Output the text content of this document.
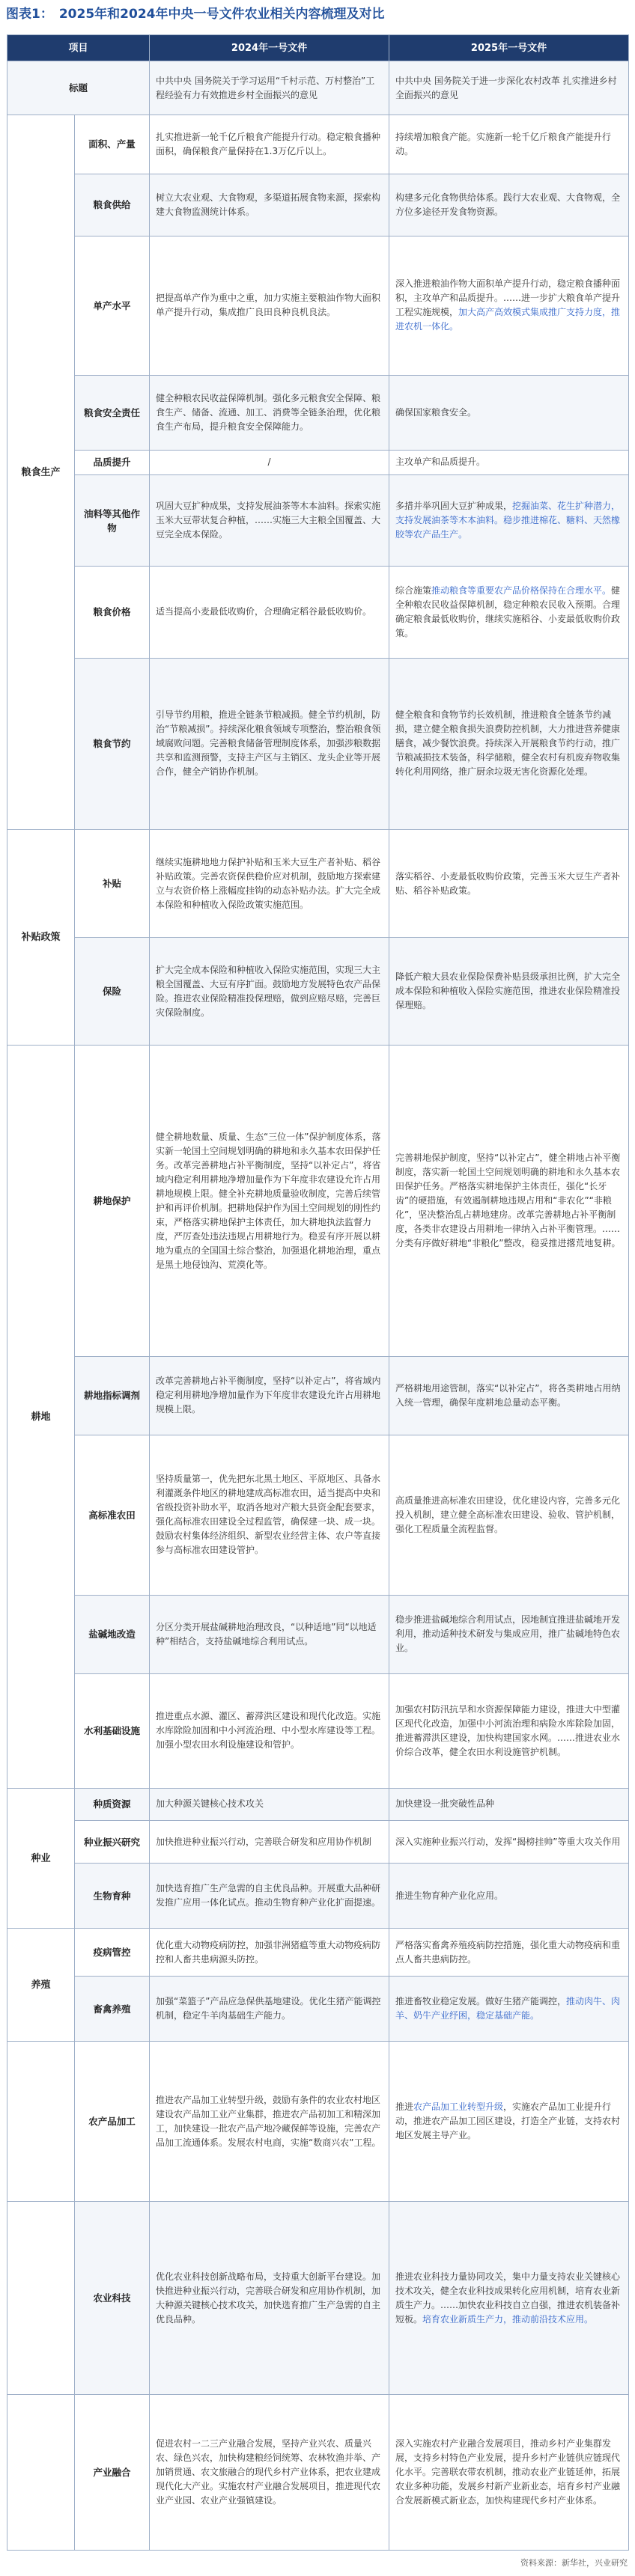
图表1： 2025年和2024年中央一号文件农业相关内容梳理及对比
项目		2024年一号文件	2025年一号文件
标题		中共中央 国务院关于学习运用“千村示范、万村整治”工程经验有力有效推进乡村全面振兴的意见	中共中央 国务院关于进一步深化农村改革 扎实推进乡村全面振兴的意见
粮食生产	面积、产量	扎实推进新一轮千亿斤粮食产能提升行动。稳定粮食播种面积，确保粮食产量保持在1.3万亿斤以上。	持续增加粮食产能。实施新一轮千亿斤粮食产能提升行动。
	粮食供给	树立大农业观、大食物观，多渠道拓展食物来源，探索构建大食物监测统计体系。	构建多元化食物供给体系。践行大农业观、大食物观，全方位多途径开发食物资源。
	单产水平	把提高单产作为重中之重，加力实施主要粮油作物大面积单产提升行动，集成推广良田良种良机良法。	深入推进粮油作物大面积单产提升行动，稳定粮食播种面积，主攻单产和品质提升。……进一步扩大粮食单产提升工程实施规模，加大高产高效模式集成推广支持力度，推进农机一体化。
	粮食安全责任	健全种粮农民收益保障机制。强化多元粮食安全保障、粮食生产、储备、流通、加工、消费等全链条治理，优化粮食生产布局，提升粮食安全保障能力。	确保国家粮食安全。
	品质提升	/	主攻单产和品质提升。
	油料等其他作物	巩固大豆扩种成果，支持发展油茶等木本油料。探索实施玉米大豆带状复合种植，……实施三大主粮全国覆盖、大豆完全成本保险。	多措并举巩固大豆扩种成果，挖掘油菜、花生扩种潜力，支持发展油茶等木本油料。稳步推进棉花、糖料、天然橡胶等农产品生产。
	粮食价格	适当提高小麦最低收购价，合理确定稻谷最低收购价。	综合施策推动粮食等重要农产品价格保持在合理水平。健全种粮农民收益保障机制，稳定种粮农民收入预期。合理确定粮食最低收购价，继续实施稻谷、小麦最低收购价政策。
	粮食节约	引导节约用粮，推进全链条节粮减损。健全节约机制，防治“节粮减损”。持续深化粮食领域专项整治，整治粮食领域腐败问题。完善粮食储备管理制度体系，加强涉粮数据共享和监测预警，支持主产区与主销区、龙头企业等开展合作，健全产销协作机制。	健全粮食和食物节约长效机制，推进粮食全链条节约减损，建立健全粮食损失浪费防控机制，大力推进营养健康膳食，减少餐饮浪费。持续深入开展粮食节约行动，推广节粮减损技术装备，科学储粮，健全农村有机废弃物收集转化利用网络，推广厨余垃圾无害化资源化处理。
补贴政策	补贴	继续实施耕地地力保护补贴和玉米大豆生产者补贴、稻谷补贴政策。完善农资保供稳价应对机制，鼓励地方探索建立与农资价格上涨幅度挂钩的动态补贴办法。扩大完全成本保险和种植收入保险政策实施范围。	落实稻谷、小麦最低收购价政策，完善玉米大豆生产者补贴、稻谷补贴政策。
	保险	扩大完全成本保险和种植收入保险实施范围，实现三大主粮全国覆盖、大豆有序扩面。鼓励地方发展特色农产品保险。推进农业保险精准投保理赔，做到应赔尽赔，完善巨灾保险制度。	降低产粮大县农业保险保费补贴县级承担比例，扩大完全成本保险和种植收入保险实施范围，推进农业保险精准投保理赔。
耕地	耕地保护	健全耕地数量、质量、生态“三位一体”保护制度体系，落实新一轮国土空间规划明确的耕地和永久基本农田保护任务。改革完善耕地占补平衡制度，坚持“以补定占”，将省域内稳定利用耕地净增加量作为下年度非农建设允许占用耕地规模上限。健全补充耕地质量验收制度，完善后续管护和再评价机制。把耕地保护作为国土空间规划的刚性约束，严格落实耕地保护主体责任，加大耕地执法监督力度，严厉查处违法违规占用耕地行为。稳妥有序开展以耕地为重点的全国国土综合整治，加强退化耕地治理，重点是黑土地侵蚀沟、荒漠化等。	完善耕地保护制度，坚持“以补定占”，健全耕地占补平衡制度，落实新一轮国土空间规划明确的耕地和永久基本农田保护任务。严格落实耕地保护主体责任，强化“长牙齿”的硬措施，有效遏制耕地违规占用和“非农化”“非粮化”，坚决整治乱占耕地建房。改革完善耕地占补平衡制度，各类非农建设占用耕地一律纳入占补平衡管理。……分类有序做好耕地“非粮化”整改，稳妥推进撂荒地复耕。
	耕地指标调剂	改革完善耕地占补平衡制度，坚持“以补定占”，将省域内稳定利用耕地净增加量作为下年度非农建设允许占用耕地规模上限。	严格耕地用途管制，落实“以补定占”，将各类耕地占用纳入统一管理，确保年度耕地总量动态平衡。
	高标准农田	坚持质量第一，优先把东北黑土地区、平原地区、具备水利灌溉条件地区的耕地建成高标准农田，适当提高中央和省级投资补助水平，取消各地对产粮大县资金配套要求，强化高标准农田建设全过程监管，确保建一块、成一块。鼓励农村集体经济组织、新型农业经营主体、农户等直接参与高标准农田建设管护。	高质量推进高标准农田建设，优化建设内容，完善多元化投入机制，建立健全高标准农田建设、验收、管护机制，强化工程质量全流程监督。
	盐碱地改造	分区分类开展盐碱耕地治理改良，“以种适地”同“以地适种”相结合，支持盐碱地综合利用试点。	稳步推进盐碱地综合利用试点，因地制宜推进盐碱地开发利用，推动适种技术研发与集成应用，推广盐碱地特色农业。
	水利基础设施	推进重点水源、灌区、蓄滞洪区建设和现代化改造。实施水库除险加固和中小河流治理、中小型水库建设等工程。加强小型农田水利设施建设和管护。	加强农村防汛抗旱和水资源保障能力建设，推进大中型灌区现代化改造，加强中小河流治理和病险水库除险加固，推进蓄滞洪区建设，加快构建国家水网。……推进农业水价综合改革，健全农田水利设施管护机制。
种业	种质资源	加大种源关键核心技术攻关	加快建设一批突破性品种
	种业振兴研究	加快推进种业振兴行动，完善联合研发和应用协作机制	深入实施种业振兴行动，发挥“揭榜挂帅”等重大攻关作用
	生物育种	加快选育推广生产急需的自主优良品种。开展重大品种研发推广应用一体化试点。推动生物育种产业化扩面提速。	推进生物育种产业化应用。
养殖	疫病管控	优化重大动物疫病防控，加强非洲猪瘟等重大动物疫病防控和人畜共患病源头防控。	严格落实畜禽养殖疫病防控措施，强化重大动物疫病和重点人畜共患病防控。
	畜禽养殖	加强“菜篮子”产品应急保供基地建设。优化生猪产能调控机制，稳定牛羊肉基础生产能力。	推进畜牧业稳定发展。做好生猪产能调控，推动肉牛、肉羊、奶牛产业纾困，稳定基础产能。
	农产品加工	推进农产品加工业转型升级，鼓励有条件的农业农村地区建设农产品加工业产业集群，推进农产品初加工和精深加工，加快建设一批农产品产地冷藏保鲜等设施，完善农产品加工流通体系。发展农村电商，实施“数商兴农”工程。	推进农产品加工业转型升级，实施农产品加工业提升行动，推进农产品加工园区建设，打造全产业链，支持农村地区发展主导产业。
	农业科技	优化农业科技创新战略布局，支持重大创新平台建设。加快推进种业振兴行动，完善联合研发和应用协作机制，加大种源关键核心技术攻关，加快选育推广生产急需的自主优良品种。	推进农业科技力量协同攻关，集中力量支持农业关键核心技术攻关，健全农业科技成果转化应用机制，培育农业新质生产力。……加快农业科技自立自强，推进农机装备补短板。培育农业新质生产力，推动前沿技术应用。
	产业融合	促进农村一二三产业融合发展，坚持产业兴农、质量兴农、绿色兴农，加快构建粮经饲统筹、农林牧渔并举、产加销贯通、农文旅融合的现代乡村产业体系，把农业建成现代化大产业。实施农村产业融合发展项目，推进现代农业产业园、农业产业强镇建设。	深入实施农村产业融合发展项目，推动乡村产业集群发展，支持乡村特色产业发展，提升乡村产业链供应链现代化水平。完善联农带农机制，推动农业产业链延伸，拓展农业多种功能，发展乡村新产业新业态，培育乡村产业融合发展新模式新业态，加快构建现代乡村产业体系。
资料来源：新华社，兴业研究
